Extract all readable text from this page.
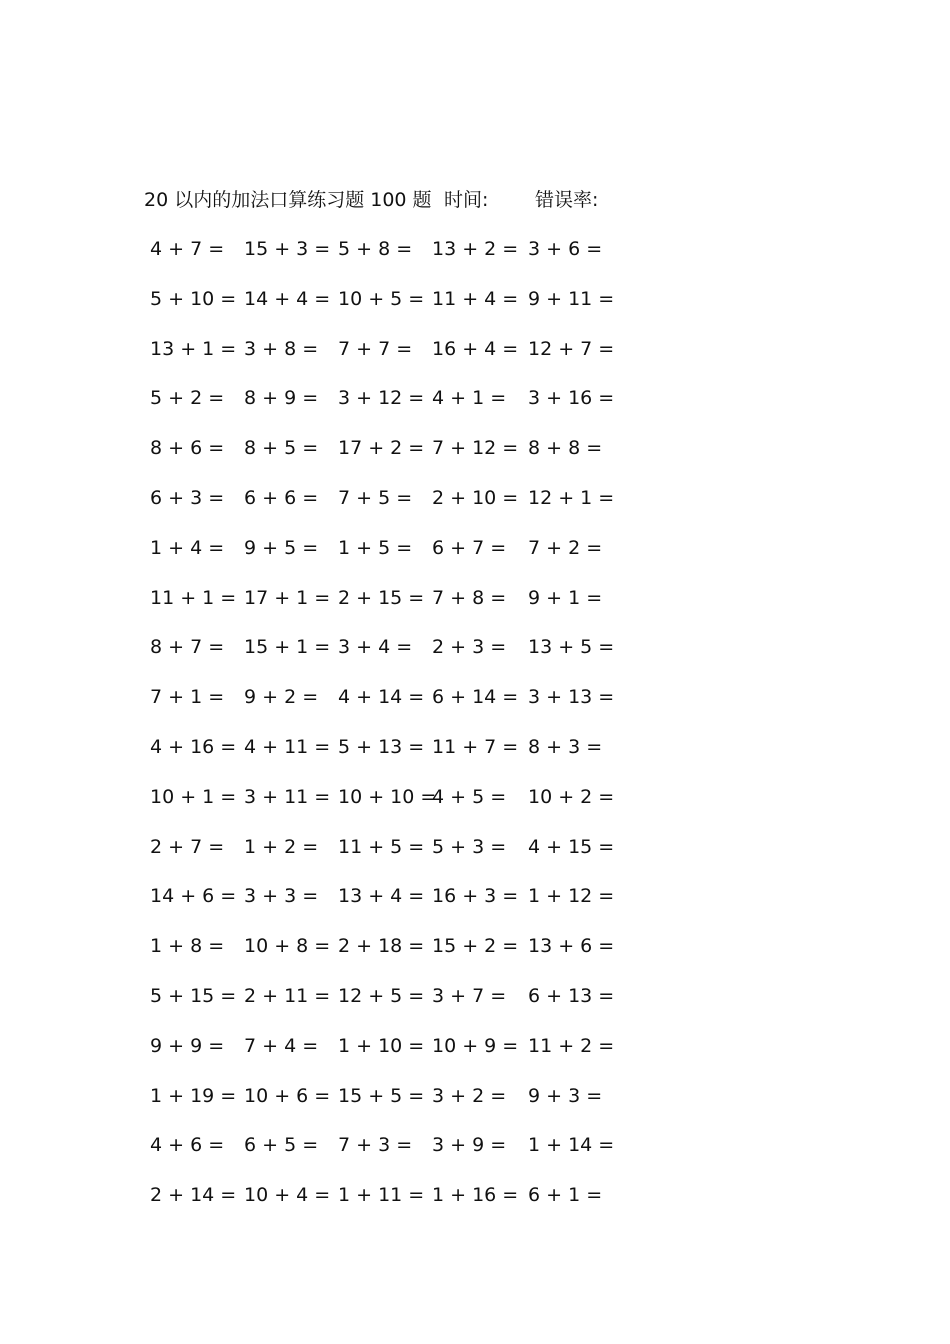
20 以内的加法口算练习题 100 题 时间: 错误率:
4 + 7 = 15 + 3 = 5 + 8 = 13 + 2 = 3 + 6 =
5 + 10 = 14 + 4 = 10 + 5 = 11 + 4 = 9 + 11 =
13 + 1 = 3 + 8 = 7 + 7 = 16 + 4 = 12 + 7 =
5 + 2 = 8 + 9 = 3 + 12 = 4 + 1 = 3 + 16 =
8 + 6 = 8 + 5 = 17 + 2 = 7 + 12 = 8 + 8 =
6 + 3 = 6 + 6 = 7 + 5 = 2 + 10 = 12 + 1 =
1 + 4 = 9 + 5 = 1 + 5 = 6 + 7 = 7 + 2 =
11 + 1 = 17 + 1 = 2 + 15 = 7 + 8 = 9 + 1 =
8 + 7 = 15 + 1 = 3 + 4 = 2 + 3 = 13 + 5 =
7 + 1 = 9 + 2 = 4 + 14 = 6 + 14 = 3 + 13 =
4 + 16 = 4 + 11 = 5 + 13 = 11 + 7 = 8 + 3 =
10 + 1 = 3 + 11 = 10 + 10 =
4 + 5 = 10 + 2 =
2 + 7 = 1 + 2 = 11 + 5 = 5 + 3 = 4 + 15 =
14 + 6 = 3 + 3 = 13 + 4 = 16 + 3 = 1 + 12 =
1 + 8 = 10 + 8 = 2 + 18 = 15 + 2 = 13 + 6 =
5 + 15 = 2 + 11 = 12 + 5 = 3 + 7 = 6 + 13 =
9 + 9 = 7 + 4 = 1 + 10 = 10 + 9 = 11 + 2 =
1 + 19 = 10 + 6 = 15 + 5 = 3 + 2 = 9 + 3 =
4 + 6 = 6 + 5 = 7 + 3 = 3 + 9 = 1 + 14 =
2 + 14 = 10 + 4 = 1 + 11 = 1 + 16 = 6 + 1 =
